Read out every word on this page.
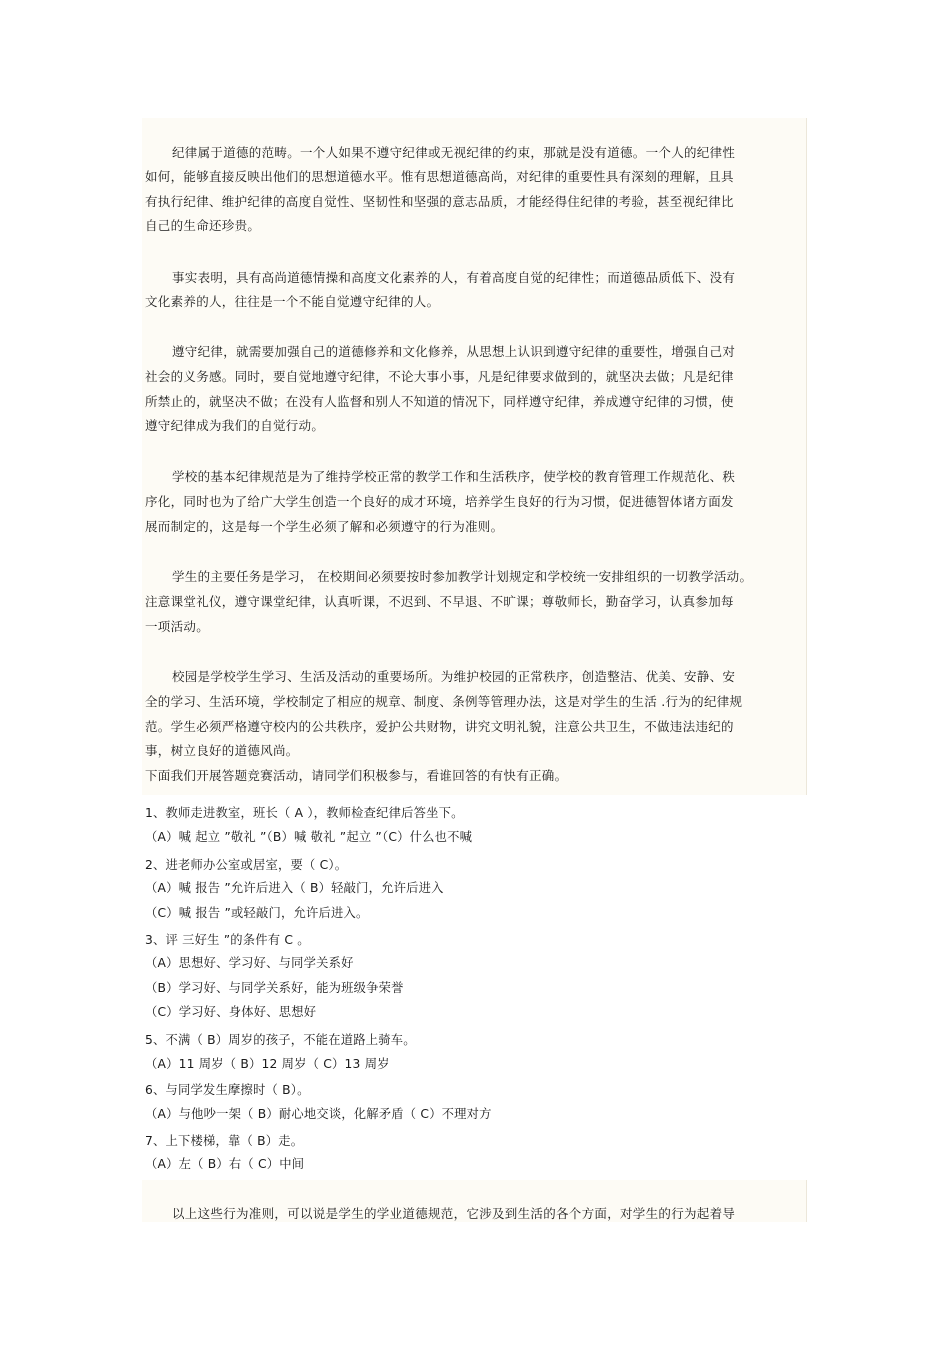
纪律属于道德的范畴。一个人如果不遵守纪律或无视纪律的约束，那就是没有道德。一个人的纪律性
如何，能够直接反映出他们的思想道德水平。惟有思想道德高尚，对纪律的重要性具有深刻的理解，且具
有执行纪律、维护纪律的高度自觉性、坚韧性和坚强的意志品质，才能经得住纪律的考验，甚至视纪律比
自己的生命还珍贵。
事实表明，具有高尚道德情操和高度文化素养的人，有着高度自觉的纪律性；而道德品质低下、没有
文化素养的人，往往是一个不能自觉遵守纪律的人。
遵守纪律，就需要加强自己的道德修养和文化修养，从思想上认识到遵守纪律的重要性，增强自己对
社会的义务感。同时，要自觉地遵守纪律，不论大事小事，凡是纪律要求做到的，就坚决去做；凡是纪律
所禁止的，就坚决不做；在没有人监督和别人不知道的情况下，同样遵守纪律，养成遵守纪律的习惯，使
遵守纪律成为我们的自觉行动。
学校的基本纪律规范是为了维持学校正常的教学工作和生活秩序，使学校的教育管理工作规范化、秩
序化，同时也为了给广大学生创造一个良好的成才环境，培养学生良好的行为习惯，促进德智体诸方面发
展而制定的，这是每一个学生必须了解和必须遵守的行为准则。
学生的主要任务是学习， 在校期间必须要按时参加教学计划规定和学校统一安排组织的一切教学活动。
注意课堂礼仪，遵守课堂纪律，认真听课，不迟到、不早退、不旷课；尊敬师长，勤奋学习，认真参加每
一项活动。
校园是学校学生学习、生活及活动的重要场所。为维护校园的正常秩序，创造整洁、优美、安静、安
全的学习、生活环境，学校制定了相应的规章、制度、条例等管理办法，这是对学生的生活 .行为的纪律规
范。学生必须严格遵守校内的公共秩序，爱护公共财物，讲究文明礼貌，注意公共卫生，不做违法违纪的
事，树立良好的道德风尚。
下面我们开展答题竞赛活动，请同学们积极参与，看谁回答的有快有正确。
1、教师走进教室，班长（ A ），教师检查纪律后答坐下。
（A）喊 起立 ”敬礼 ”（B）喊 敬礼 ”起立 ”（C）什么也不喊
2、进老师办公室或居室，要（ C）。
（A）喊 报告 ”允许后进入（ B）轻敲门，允许后进入
（C）喊 报告 ”或轻敲门，允许后进入。
3、评 三好生 ”的条件有 C 。
（A）思想好、学习好、与同学关系好
（B）学习好、与同学关系好，能为班级争荣誉
（C）学习好、身体好、思想好
5、不满（ B）周岁的孩子，不能在道路上骑车。
（A）11 周岁（ B）12 周岁（ C）13 周岁
6、与同学发生摩擦时（ B）。
（A）与他吵一架（ B）耐心地交谈，化解矛盾（ C）不理对方
7、上下楼梯，靠（ B）走。
（A）左（ B）右（ C）中间
以上这些行为准则，可以说是学生的学业道德规范，它涉及到生活的各个方面，对学生的行为起着导
